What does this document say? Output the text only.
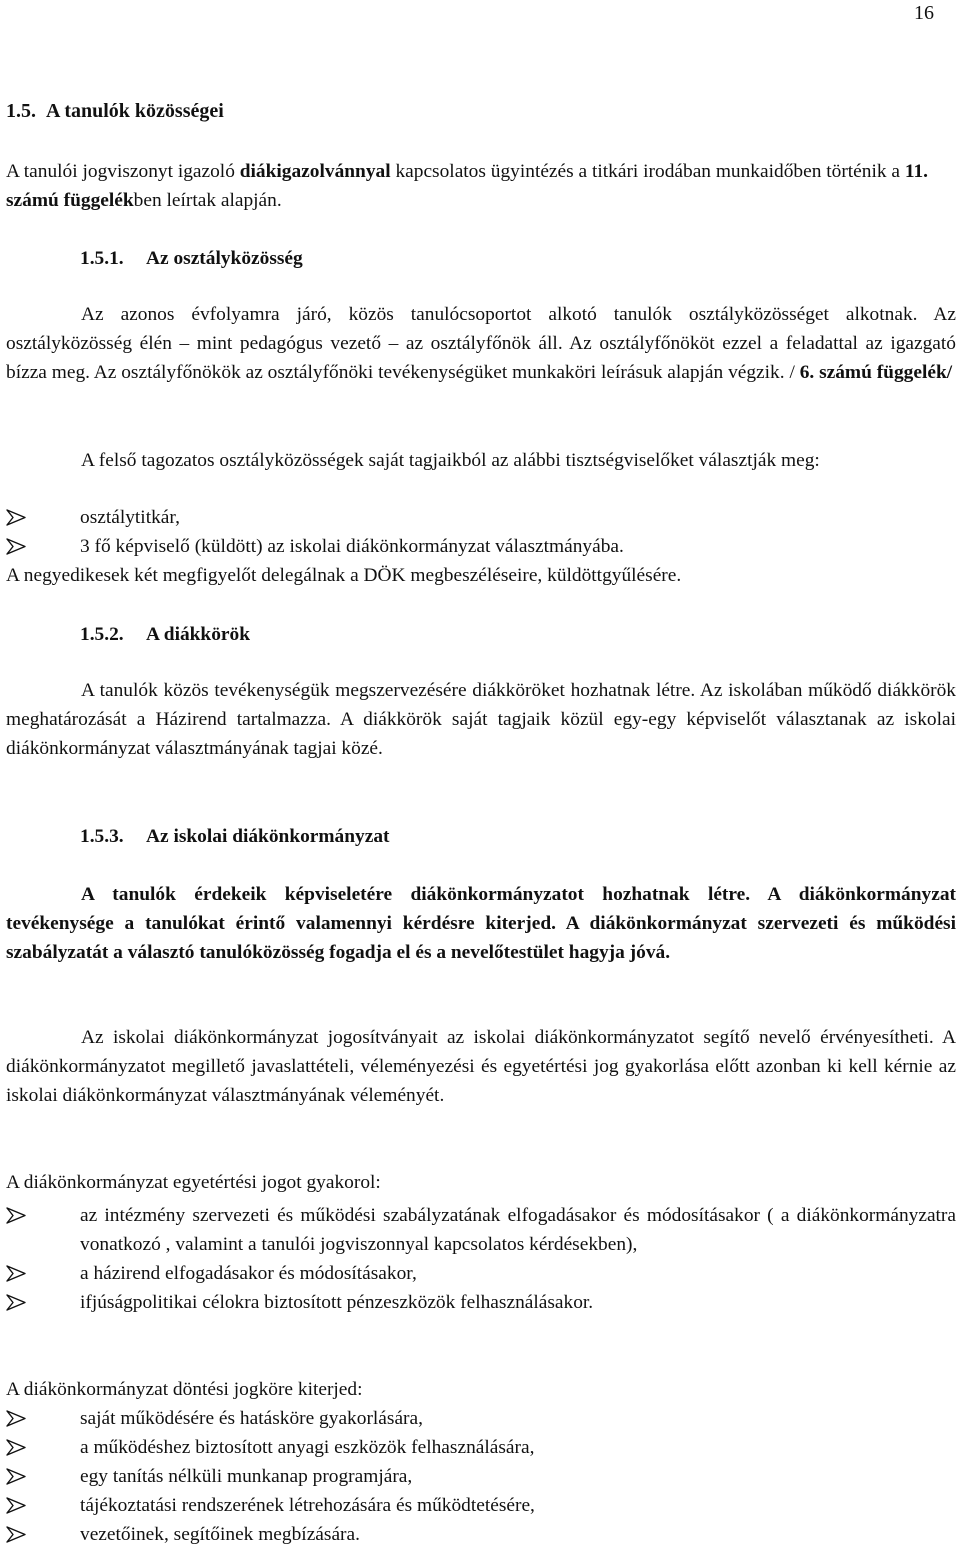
16
1.5. A tanulók közösségei
A tanulói jogviszonyt igazoló diákigazolvánnyal kapcsolatos ügyintézés a titkári irodában munkaidőben történik a 11. számú függelékben leírtak alapján.
1.5.1. Az osztályközösség
Az azonos évfolyamra járó, közös tanulócsoportot alkotó tanulók osztályközösséget alkotnak. Az osztályközösség élén – mint pedagógus vezető – az osztályfőnök áll. Az osztályfőnököt ezzel a feladattal az igazgató bízza meg. Az osztályfőnökök az osztályfőnöki tevékenységüket munkaköri leírásuk alapján végzik. / 6. számú függelék/
A felső tagozatos osztályközösségek saját tagjaikból az alábbi tisztségviselőket választják meg:
osztálytitkár,
3 fő képviselő (küldött) az iskolai diákönkormányzat választmányába.
A negyedikesek két megfigyelőt delegálnak a DÖK megbeszéléseire, küldöttgyűlésére.
1.5.2. A diákkörök
A tanulók közös tevékenységük megszervezésére diákköröket hozhatnak létre. Az iskolában működő diákkörök meghatározását a Házirend tartalmazza. A diákkörök saját tagjaik közül egy-egy képviselőt választanak az iskolai diákönkormányzat választmányának tagjai közé.
1.5.3. Az iskolai diákönkormányzat
A tanulók érdekeik képviseletére diákönkormányzatot hozhatnak létre. A diákönkormányzat tevékenysége a tanulókat érintő valamennyi kérdésre kiterjed. A diákönkormányzat szervezeti és működési szabályzatát a választó tanulóközösség fogadja el és a nevelőtestület hagyja jóvá.
Az iskolai diákönkormányzat jogosítványait az iskolai diákönkormányzatot segítő nevelő érvényesítheti. A diákönkormányzatot megillető javaslattételi, véleményezési és egyetértési jog gyakorlása előtt azonban ki kell kérnie az iskolai diákönkormányzat választmányának véleményét.
A diákönkormányzat egyetértési jogot gyakorol:
az intézmény szervezeti és működési szabályzatának elfogadásakor és módosításakor ( a diákönkormányzatra vonatkozó , valamint a tanulói jogviszonnyal kapcsolatos kérdésekben),
a házirend elfogadásakor és módosításakor,
ifjúságpolitikai célokra biztosított pénzeszközök felhasználásakor.
A diákönkormányzat döntési jogköre kiterjed:
saját működésére és hatásköre gyakorlására,
a működéshez biztosított anyagi eszközök felhasználására,
egy tanítás nélküli munkanap programjára,
tájékoztatási rendszerének létrehozására és működtetésére,
vezetőinek, segítőinek megbízására.
